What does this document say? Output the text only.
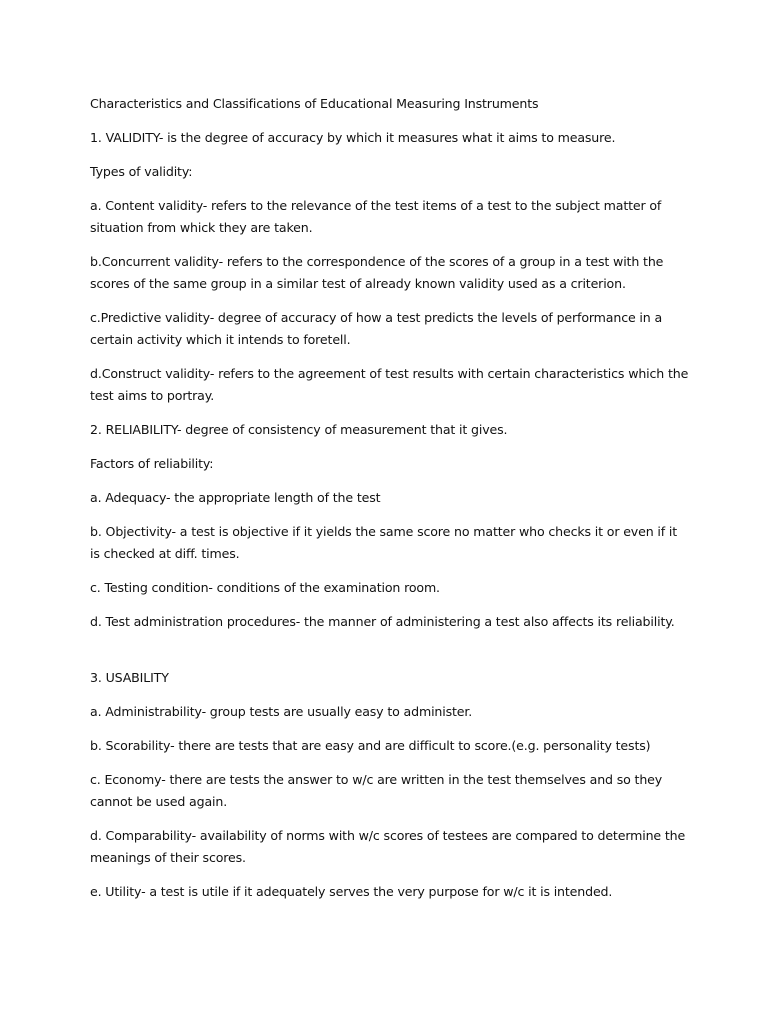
Characteristics and Classifications of Educational Measuring Instruments

1. VALIDITY- is the degree of accuracy by which it measures what it aims to measure.

Types of validity:

a. Content validity- refers to the relevance of the test items of a test to the subject matter of situation from whick they are taken.

b.Concurrent validity- refers to the correspondence of the scores of a group in a test with the scores of the same group in a similar test of already known validity used as a criterion.

c.Predictive validity- degree of accuracy of how a test predicts the levels of performance in a certain activity which it intends to foretell.

d.Construct validity- refers to the agreement of test results with certain characteristics which the test aims to portray.

2. RELIABILITY- degree of consistency of measurement that it gives.

Factors of reliability:

a. Adequacy- the appropriate length of the test

b. Objectivity- a test is objective if it yields the same score no matter who checks it or even if it is checked at diff. times.

c. Testing condition- conditions of the examination room.

d. Test administration procedures- the manner of administering a test also affects its reliability.

3. USABILITY

a. Administrability- group tests are usually easy to administer.

b. Scorability- there are tests that are easy and are difficult to score.(e.g. personality tests)

c. Economy- there are tests the answer to w/c are written in the test themselves and so they cannot be used again.

d. Comparability- availability of norms with w/c scores of testees are compared to determine the meanings of their scores.

e. Utility- a test is utile if it adequately serves the very purpose for w/c it is intended.
